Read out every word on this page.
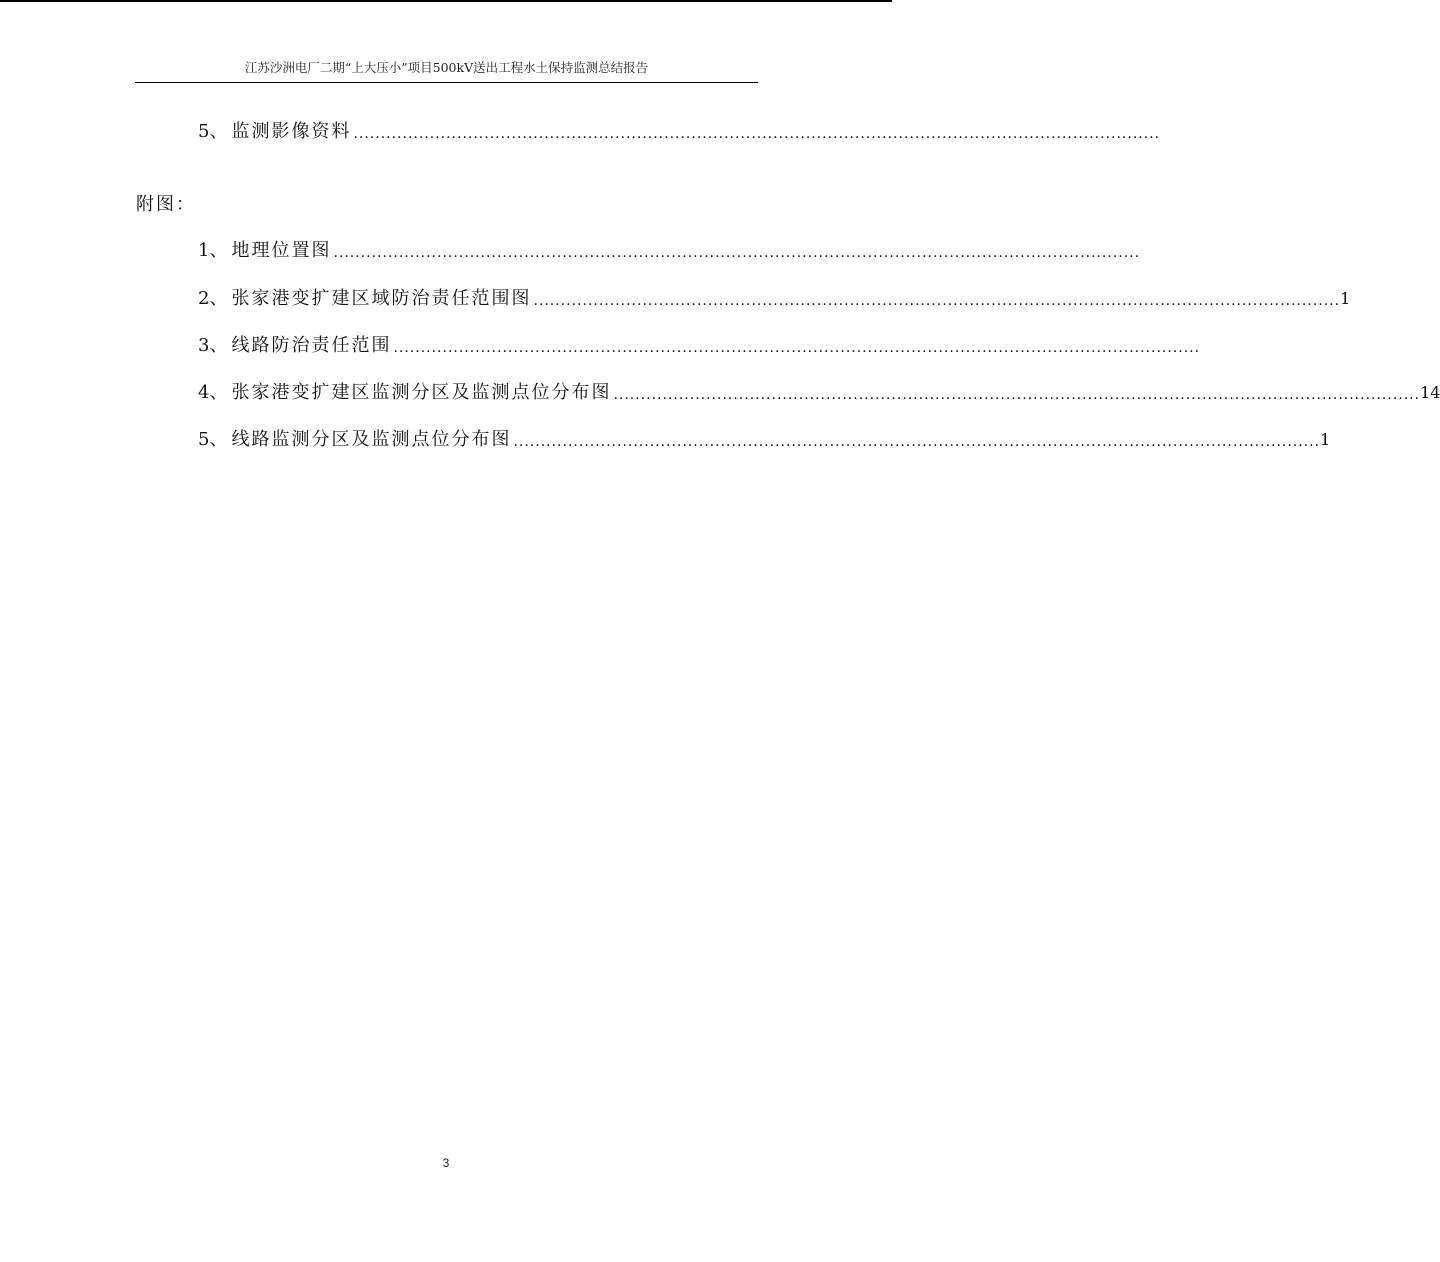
江苏沙洲电厂二期“上大压小”项目500kV送出工程水土保持监测总结报告
5 、 监测影像资料 ....................................................................................................................................................
附图：
1 、 地理位置图 ....................................................................................................................................................
2 、 张家港变扩建区域防治责任范围图 .................................................................................................................................................... 1
3 、 线路防治责任范围 ....................................................................................................................................................
4 、 张家港变扩建区监测分区及监测点位分布图 .................................................................................................................................................... 14
5 、 线路监测分区及监测点位分布图 .................................................................................................................................................... 1
3
